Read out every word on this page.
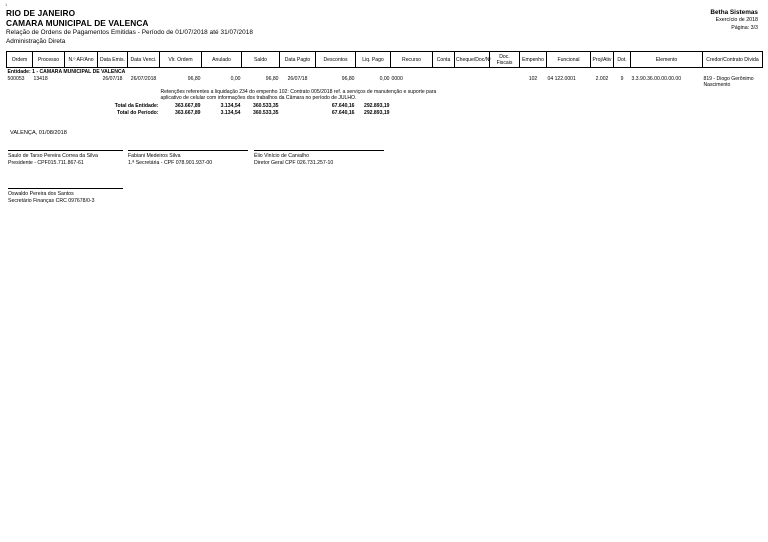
1
Betha Sistemas
Exercício de 2018
Página: 3/3
RIO DE JANEIRO
CAMARA MUNICIPAL DE VALENCA
Relação de Ordens de Pagamentos Emitidas - Período de 01/07/2018 até 31/07/2018
Administração Direta
Ordem	Processo	N.º AF/Ano	Data Emis.	Data Venci.	Vlr. Ordem	Anulado	Saldo	Data Pagto	Descontos	Liq. Pago	Recurso	Conta	Cheque/Doc/Nº	Doc. Fiscais	Empenho	Funcional	Proj/Ativ	Dot.	Elemento	Credor/Contrato Dívida
Entidade: 1 - CAMARA MUNICIPAL DE VALENCA																				
500053	13418		26/07/18	26/07/2018	96,80	0,00	96,80	26/07/18	96,80	0,00	0000				102	04 122.0001	2.002	9	3.3.90.36.00.00.00.00	819 - Diogo Gerônimo Nascimento
					Retenções referentes a liquidação 234 do empenho 102: Contrato 005/2018 ref. a serviços de manutenção e suporte para aplicativo de celular com informações dos trabalhos da Câmara no período de JULHO.															
Total da Entidade:					363.667,89	3.134,54	360.533,35		67.640,16	292.893,19										
Total do Período:					363.667,89	3.134,54	360.533,35		67.640,16	292.893,19										
VALENÇA, 01/08/2018
Saulo de Tarso Pereira Correa da Silva
Presidente - CPF015.711.867-61
Fabiani Medeiros Silva
1.ª Secretária - CPF 078.901.937-00
Élio Vinício de Carvalho
Diretor Geral CPF 026.731.257-10
Oswaldo Pereira dos Santos
Secretário Finanças CRC 097678/0-3
